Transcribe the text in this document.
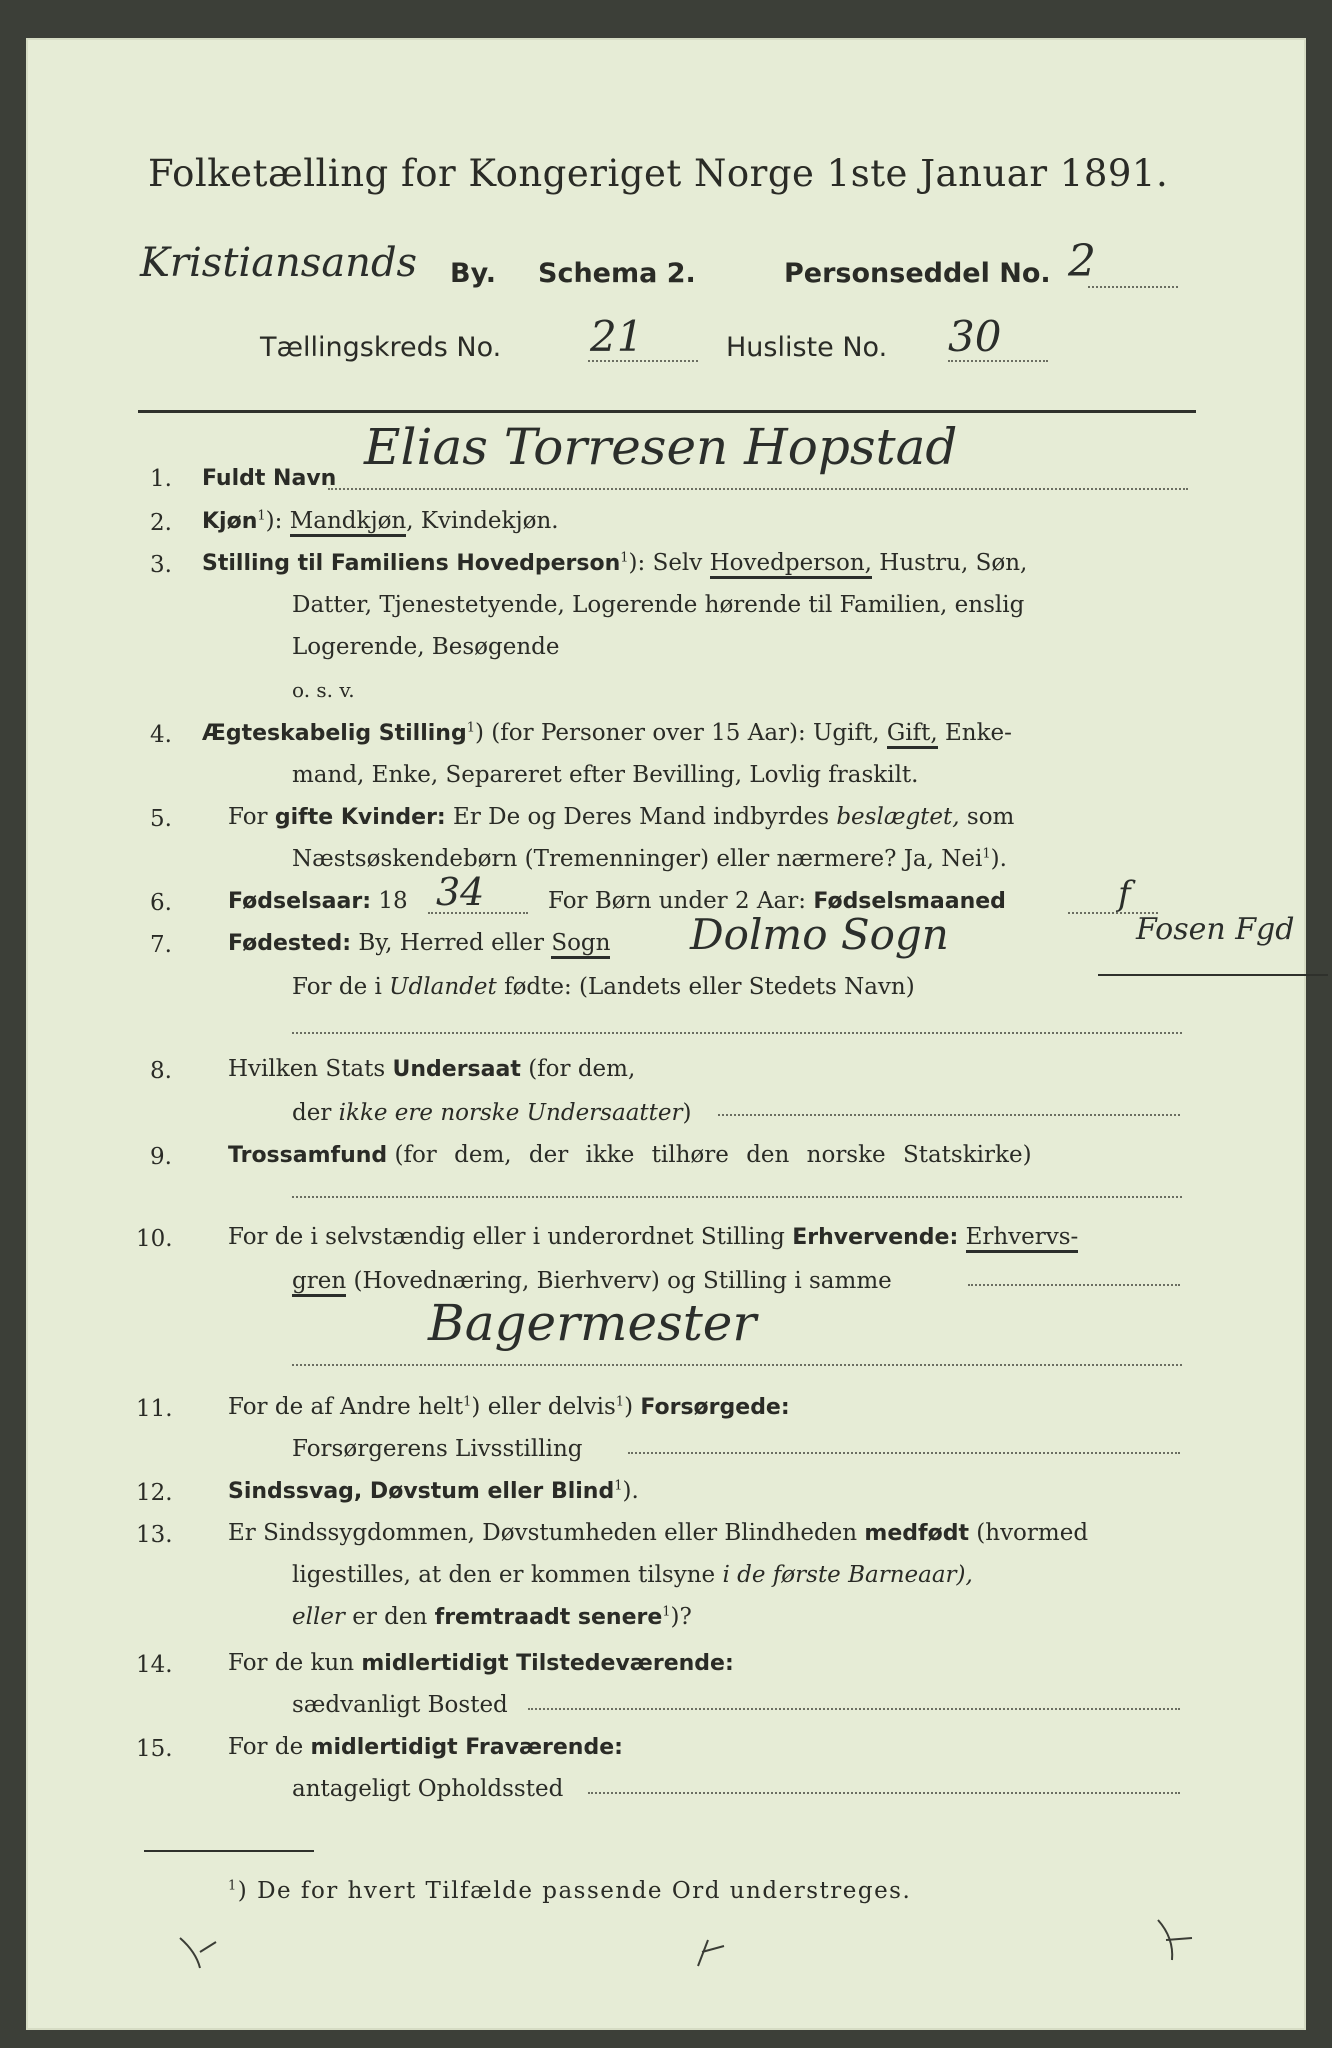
Folketælling for Kongeriget Norge 1ste Januar 1891.
Kristiansands By. Schema 2.	Personseddel No. 2
Tællingskreds No. 21	Husliste No. 30
1. Fuldt Navn
Elias Torresen Hopstad
2. Kjøn$^1$): Mandkjøn, Kvindekjøn.
3. Stilling til Familiens Hovedperson$^1$): Selv Hovedperson, Hustru, Søn,
Datter, Tjenestetyende, Logerende hørende til Familien, enslig
Logerende, Besøgende
o. s. v.
4. Ægteskabelig Stilling$^1$) (for Personer over 15 Aar): Ugift, Gift, Enke-
mand, Enke, Separeret efter Bevilling, Lovlig fraskilt.
5. For gifte Kvinder: Er De og Deres Mand indbyrdes beslægtet, som
Næstsøskendebørn (Tremenninger) eller nærmere? Ja, Nei$^1$).
6.	Fødselsaar: 18 34	For Børn under 2 Aar: Fødselsmaaned	f
7.	Fødested: By, Herred eller Sogn Dolmo Sogn	Fosen Fgd
For de i Udlandet fødte: (Landets eller Stedets Navn)
8. Hvilken Stats Undersaat (for dem,
der ikke ere norske Undersaatter)
9.	Trossamfund (for dem, der ikke tilhøre den norske Statskirke)
10. For de i selvstændig eller i underordnet Stilling Erhvervende: Erhvervs-
gren (Hovednæring, Bierhverv) og Stilling i samme
Bagermester
11. For de af Andre helt$^1$) eller delvis$^1$) Forsørgede:
Forsørgerens Livsstilling
12.	Sindssvag, Døvstum eller Blind$^1$).
13. Er Sindssygdommen, Døvstumheden eller Blindheden medfødt (hvormed
ligestilles, at den er kommen tilsyne i de første Barneaar),
eller er den fremtraadt senere$^1$)?
14. For de kun midlertidigt Tilstedeværende:
sædvanligt Bosted
15. For de midlertidigt Fraværende:
antageligt Opholdssted
$^1$) De for hvert Tilfælde passende Ord understreges.
